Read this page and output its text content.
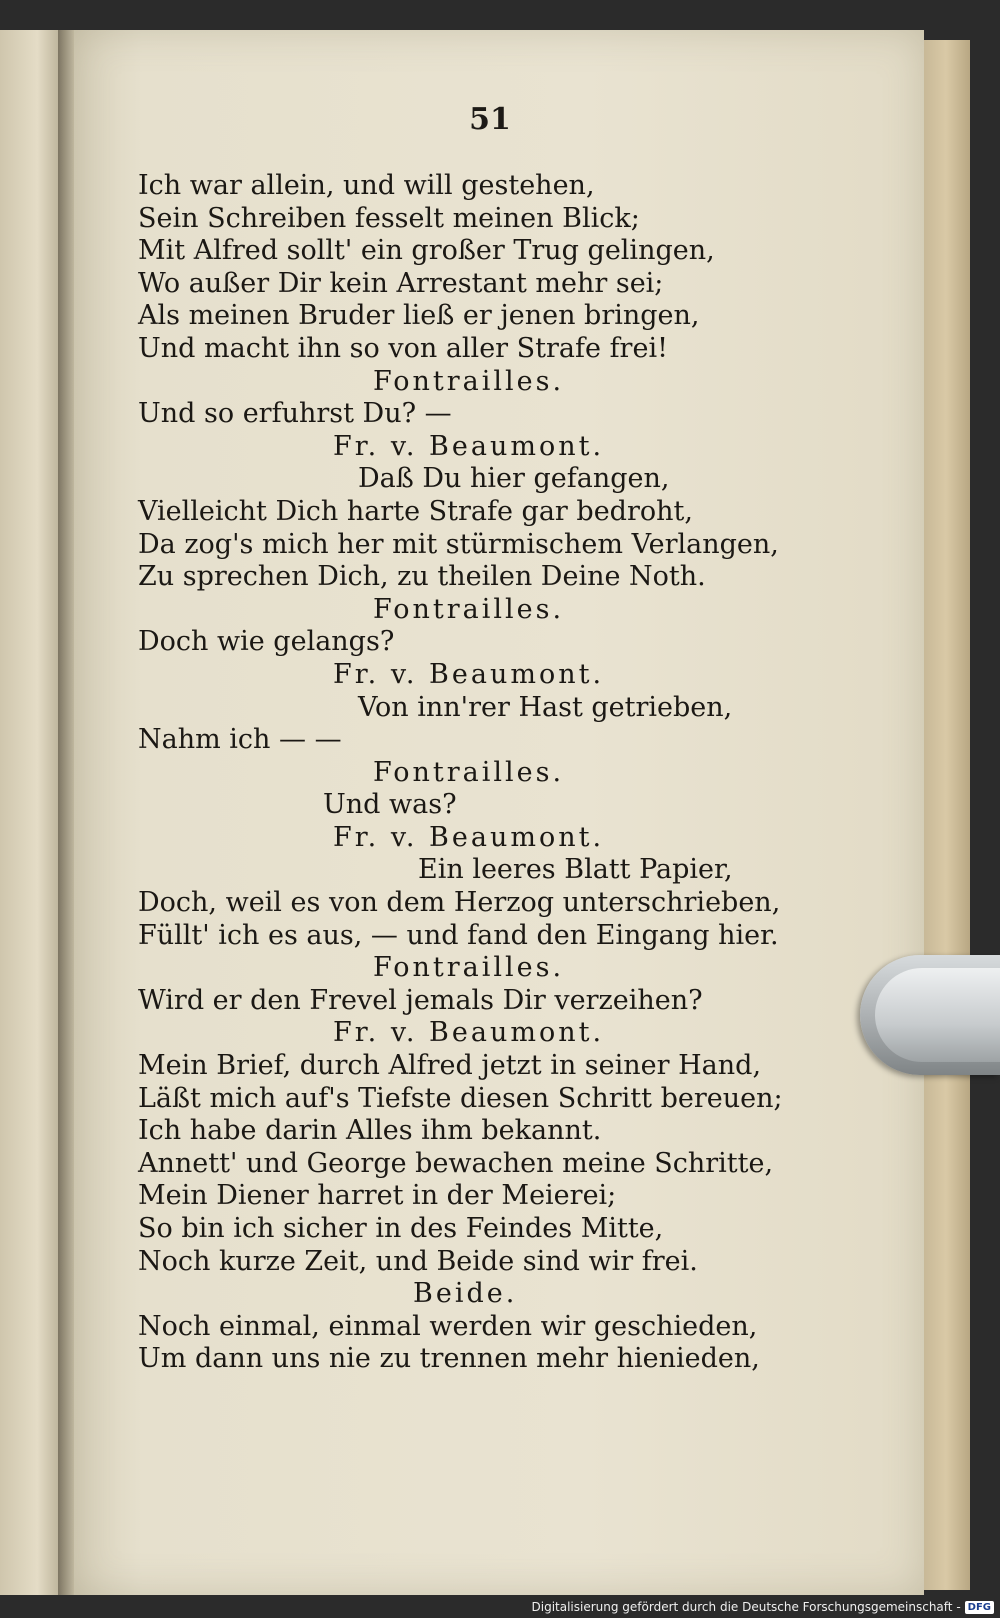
51
Ich war allein, und will gestehen,
Sein Schreiben fesselt meinen Blick;
Mit Alfred sollt' ein großer Trug gelingen,
Wo außer Dir kein Arrestant mehr sei;
Als meinen Bruder ließ er jenen bringen,
Und macht ihn so von aller Strafe frei!
Fontrailles.
Und so erfuhrst Du? —
Fr. v. Beaumont.
Daß Du hier gefangen,
Vielleicht Dich harte Strafe gar bedroht,
Da zog's mich her mit stürmischem Verlangen,
Zu sprechen Dich, zu theilen Deine Noth.
Fontrailles.
Doch wie gelangs?
Fr. v. Beaumont.
Von inn'rer Hast getrieben,
Nahm ich — —
Fontrailles.
Und was?
Fr. v. Beaumont.
Ein leeres Blatt Papier,
Doch, weil es von dem Herzog unterschrieben,
Füllt' ich es aus, — und fand den Eingang hier.
Fontrailles.
Wird er den Frevel jemals Dir verzeihen?
Fr. v. Beaumont.
Mein Brief, durch Alfred jetzt in seiner Hand,
Läßt mich auf's Tiefste diesen Schritt bereuen;
Ich habe darin Alles ihm bekannt.
Annett' und George bewachen meine Schritte,
Mein Diener harret in der Meierei;
So bin ich sicher in des Feindes Mitte,
Noch kurze Zeit, und Beide sind wir frei.
Beide.
Noch einmal, einmal werden wir geschieden,
Um dann uns nie zu trennen mehr hienieden,
Digitalisierung gefördert durch die Deutsche Forschungsgemeinschaft - DFG
